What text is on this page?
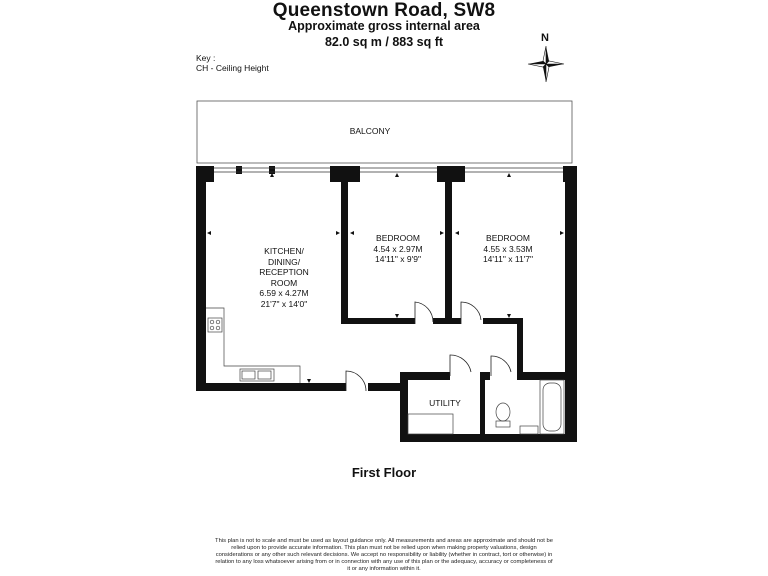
Queenstown Road, SW8
Approximate gross internal area
82.0 sq m / 883 sq ft
Key :
CH - Ceiling Height
N
BALCONY
KITCHEN/
DINING/
RECEPTION
ROOM
6.59 x 4.27M
21'7" x 14'0"
BEDROOM
4.54 x 2.97M
14'11" x 9'9"
BEDROOM
4.55 x 3.53M
14'11" x 11'7"
UTILITY
First Floor
This plan is not to scale and must be used as layout guidance only. All measurements and areas are approximate and should not be relied upon to provide accurate information. This plan must not be relied upon when making property valuations, design considerations or any other such relevant decisions. We accept no responsibility or liability (whether in contract, tort or otherwise) in relation to any loss whatsoever arising from or in connection with any use of this plan or the adequacy, accuracy or completeness of it or any information within it.
